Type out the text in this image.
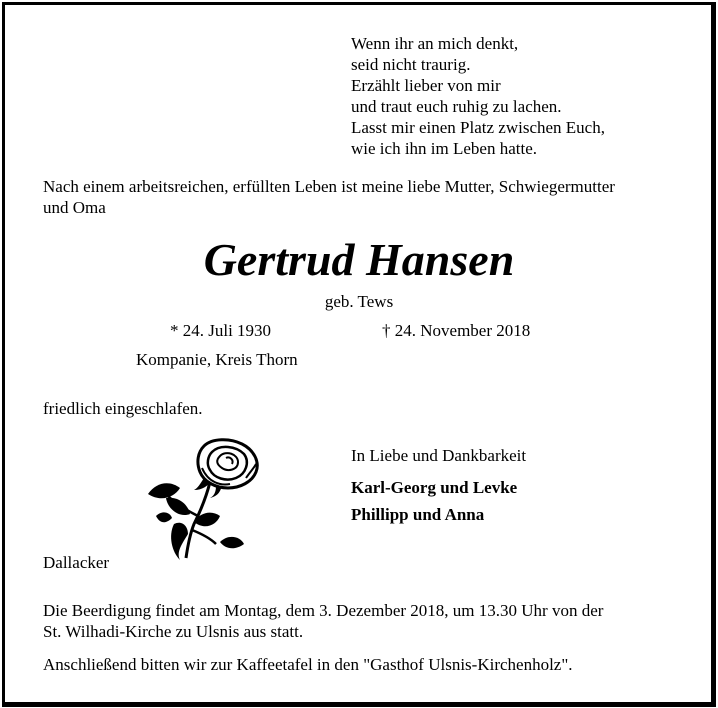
Wenn ihr an mich denkt,
seid nicht traurig.
Erzählt lieber von mir
und traut euch ruhig zu lachen.
Lasst mir einen Platz zwischen Euch,
wie ich ihn im Leben hatte.
Nach einem arbeitsreichen, erfüllten Leben ist meine liebe Mutter, Schwiegermutter
und Oma
Gertrud Hansen
geb. Tews
* 24. Juli 1930	† 24. November 2018
Kompanie, Kreis Thorn
friedlich eingeschlafen.
In Liebe und Dankbarkeit
Karl-Georg und Levke
Phillipp und Anna
Dallacker
Die Beerdigung findet am Montag, dem 3. Dezember 2018, um 13.30 Uhr von der
St. Wilhadi-Kirche zu Ulsnis aus statt.
Anschließend bitten wir zur Kaffeetafel in den "Gasthof Ulsnis-Kirchenholz".
